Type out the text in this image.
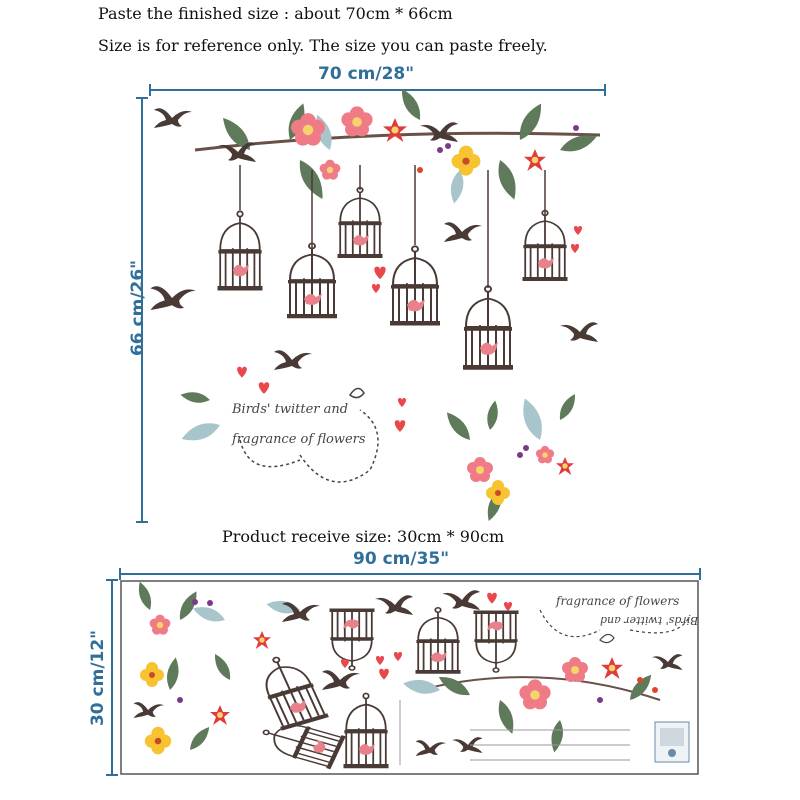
Paste the finished size : about 70cm * 66cm
Size is for reference only. The size you can paste freely.
70 cm/28"
66 cm/26"
Product receive size: 30cm * 90cm
90 cm/35"
30 cm/12"
Birds' twitter and
fragrance of flowers
fragrance of flowers
Birds' twitter and
